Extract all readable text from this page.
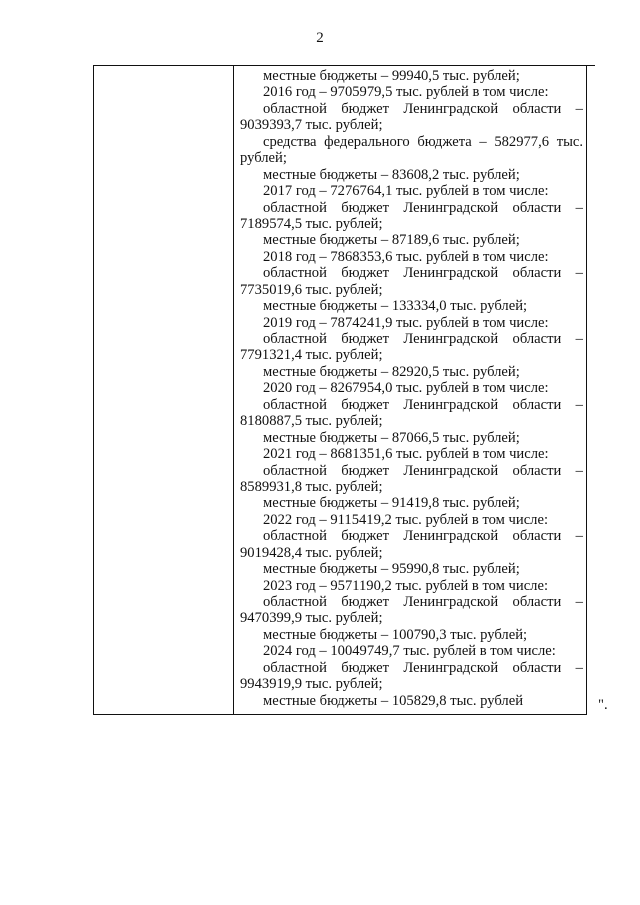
2
местные бюджеты – 99940,5 тыс. рублей;
2016 год – 9705979,5 тыс. рублей в том числе:
областной бюджет Ленинградской области –
9039393,7 тыс. рублей;
средства федерального бюджета – 582977,6 тыс.
рублей;
местные бюджеты – 83608,2 тыс. рублей;
2017 год – 7276764,1 тыс. рублей в том числе:
областной бюджет Ленинградской области –
7189574,5 тыс. рублей;
местные бюджеты – 87189,6 тыс. рублей;
2018 год – 7868353,6 тыс. рублей в том числе:
областной бюджет Ленинградской области –
7735019,6 тыс. рублей;
местные бюджеты – 133334,0 тыс. рублей;
2019 год – 7874241,9 тыс. рублей в том числе:
областной бюджет Ленинградской области –
7791321,4 тыс. рублей;
местные бюджеты – 82920,5 тыс. рублей;
2020 год – 8267954,0 тыс. рублей в том числе:
областной бюджет Ленинградской области –
8180887,5 тыс. рублей;
местные бюджеты – 87066,5 тыс. рублей;
2021 год – 8681351,6 тыс. рублей в том числе:
областной бюджет Ленинградской области –
8589931,8 тыс. рублей;
местные бюджеты – 91419,8 тыс. рублей;
2022 год – 9115419,2 тыс. рублей в том числе:
областной бюджет Ленинградской области –
9019428,4 тыс. рублей;
местные бюджеты – 95990,8 тыс. рублей;
2023 год – 9571190,2 тыс. рублей в том числе:
областной бюджет Ленинградской области –
9470399,9 тыс. рублей;
местные бюджеты – 100790,3 тыс. рублей;
2024 год – 10049749,7 тыс. рублей в том числе:
областной бюджет Ленинградской области –
9943919,9 тыс. рублей;
местные бюджеты – 105829,8 тыс. рублей	".
